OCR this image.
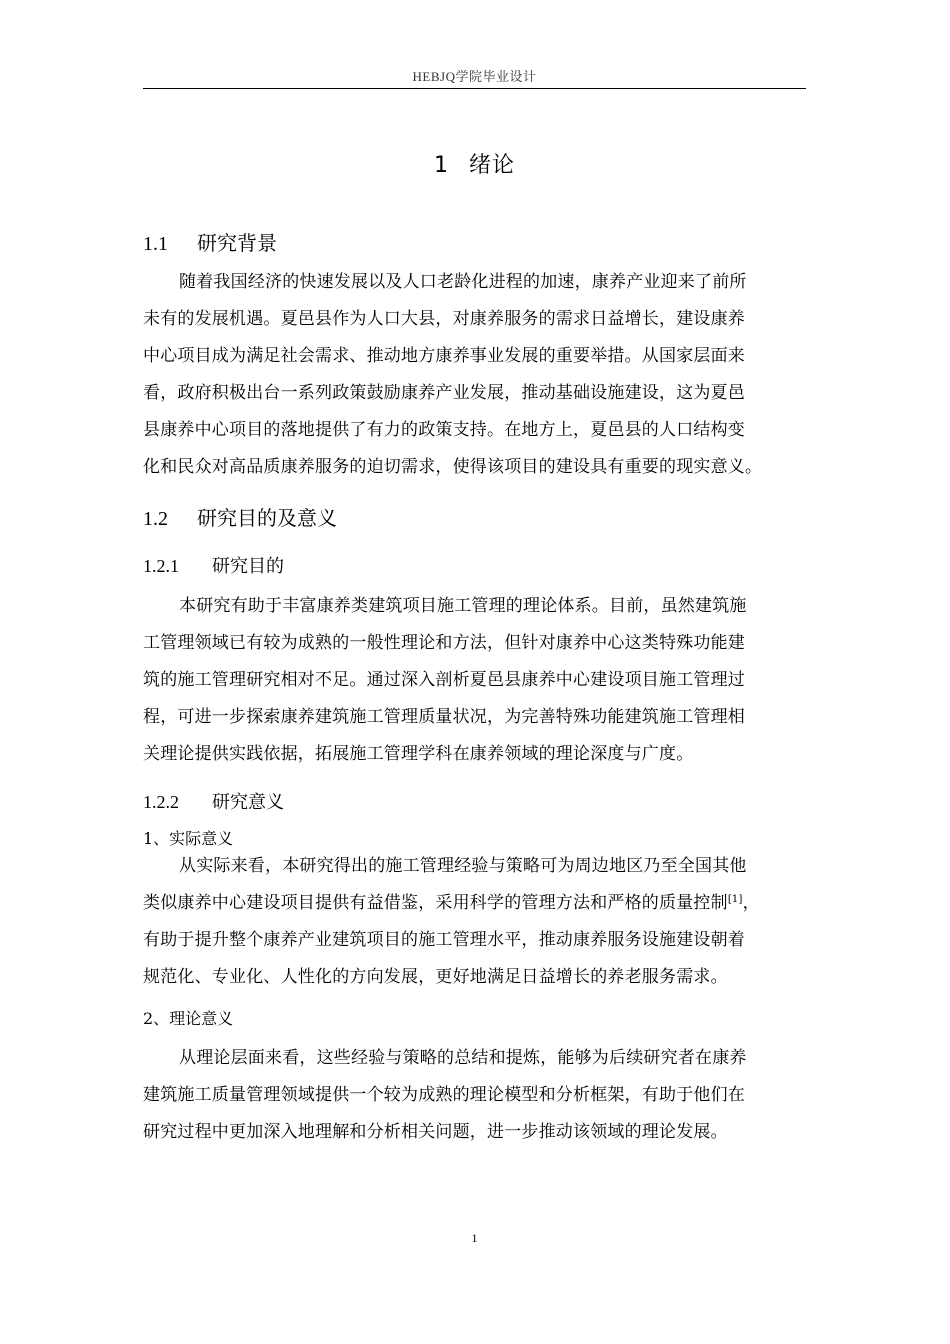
HEBJQ学院毕业设计
1 绪论
1.1 研究背景
随着我国经济的快速发展以及人口老龄化进程的加速，康养产业迎来了前所
未有的发展机遇。夏邑县作为人口大县，对康养服务的需求日益增长，建设康养
中心项目成为满足社会需求、推动地方康养事业发展的重要举措。从国家层面来
看，政府积极出台一系列政策鼓励康养产业发展，推动基础设施建设，这为夏邑
县康养中心项目的落地提供了有力的政策支持。在地方上，夏邑县的人口结构变
化和民众对高品质康养服务的迫切需求，使得该项目的建设具有重要的现实意义。
1.2 研究目的及意义
1.2.1 研究目的
本研究有助于丰富康养类建筑项目施工管理的理论体系。目前，虽然建筑施
工管理领域已有较为成熟的一般性理论和方法，但针对康养中心这类特殊功能建
筑的施工管理研究相对不足。通过深入剖析夏邑县康养中心建设项目施工管理过
程，可进一步探索康养建筑施工管理质量状况，为完善特殊功能建筑施工管理相
关理论提供实践依据，拓展施工管理学科在康养领域的理论深度与广度。
1.2.2 研究意义
1、实际意义
从实际来看，本研究得出的施工管理经验与策略可为周边地区乃至全国其他
类似康养中心建设项目提供有益借鉴，采用科学的管理方法和严格的质量控制[1]，
有助于提升整个康养产业建筑项目的施工管理水平，推动康养服务设施建设朝着
规范化、专业化、人性化的方向发展，更好地满足日益增长的养老服务需求。
2、理论意义
从理论层面来看，这些经验与策略的总结和提炼，能够为后续研究者在康养
建筑施工质量管理领域提供一个较为成熟的理论模型和分析框架，有助于他们在
研究过程中更加深入地理解和分析相关问题，进一步推动该领域的理论发展。
1
